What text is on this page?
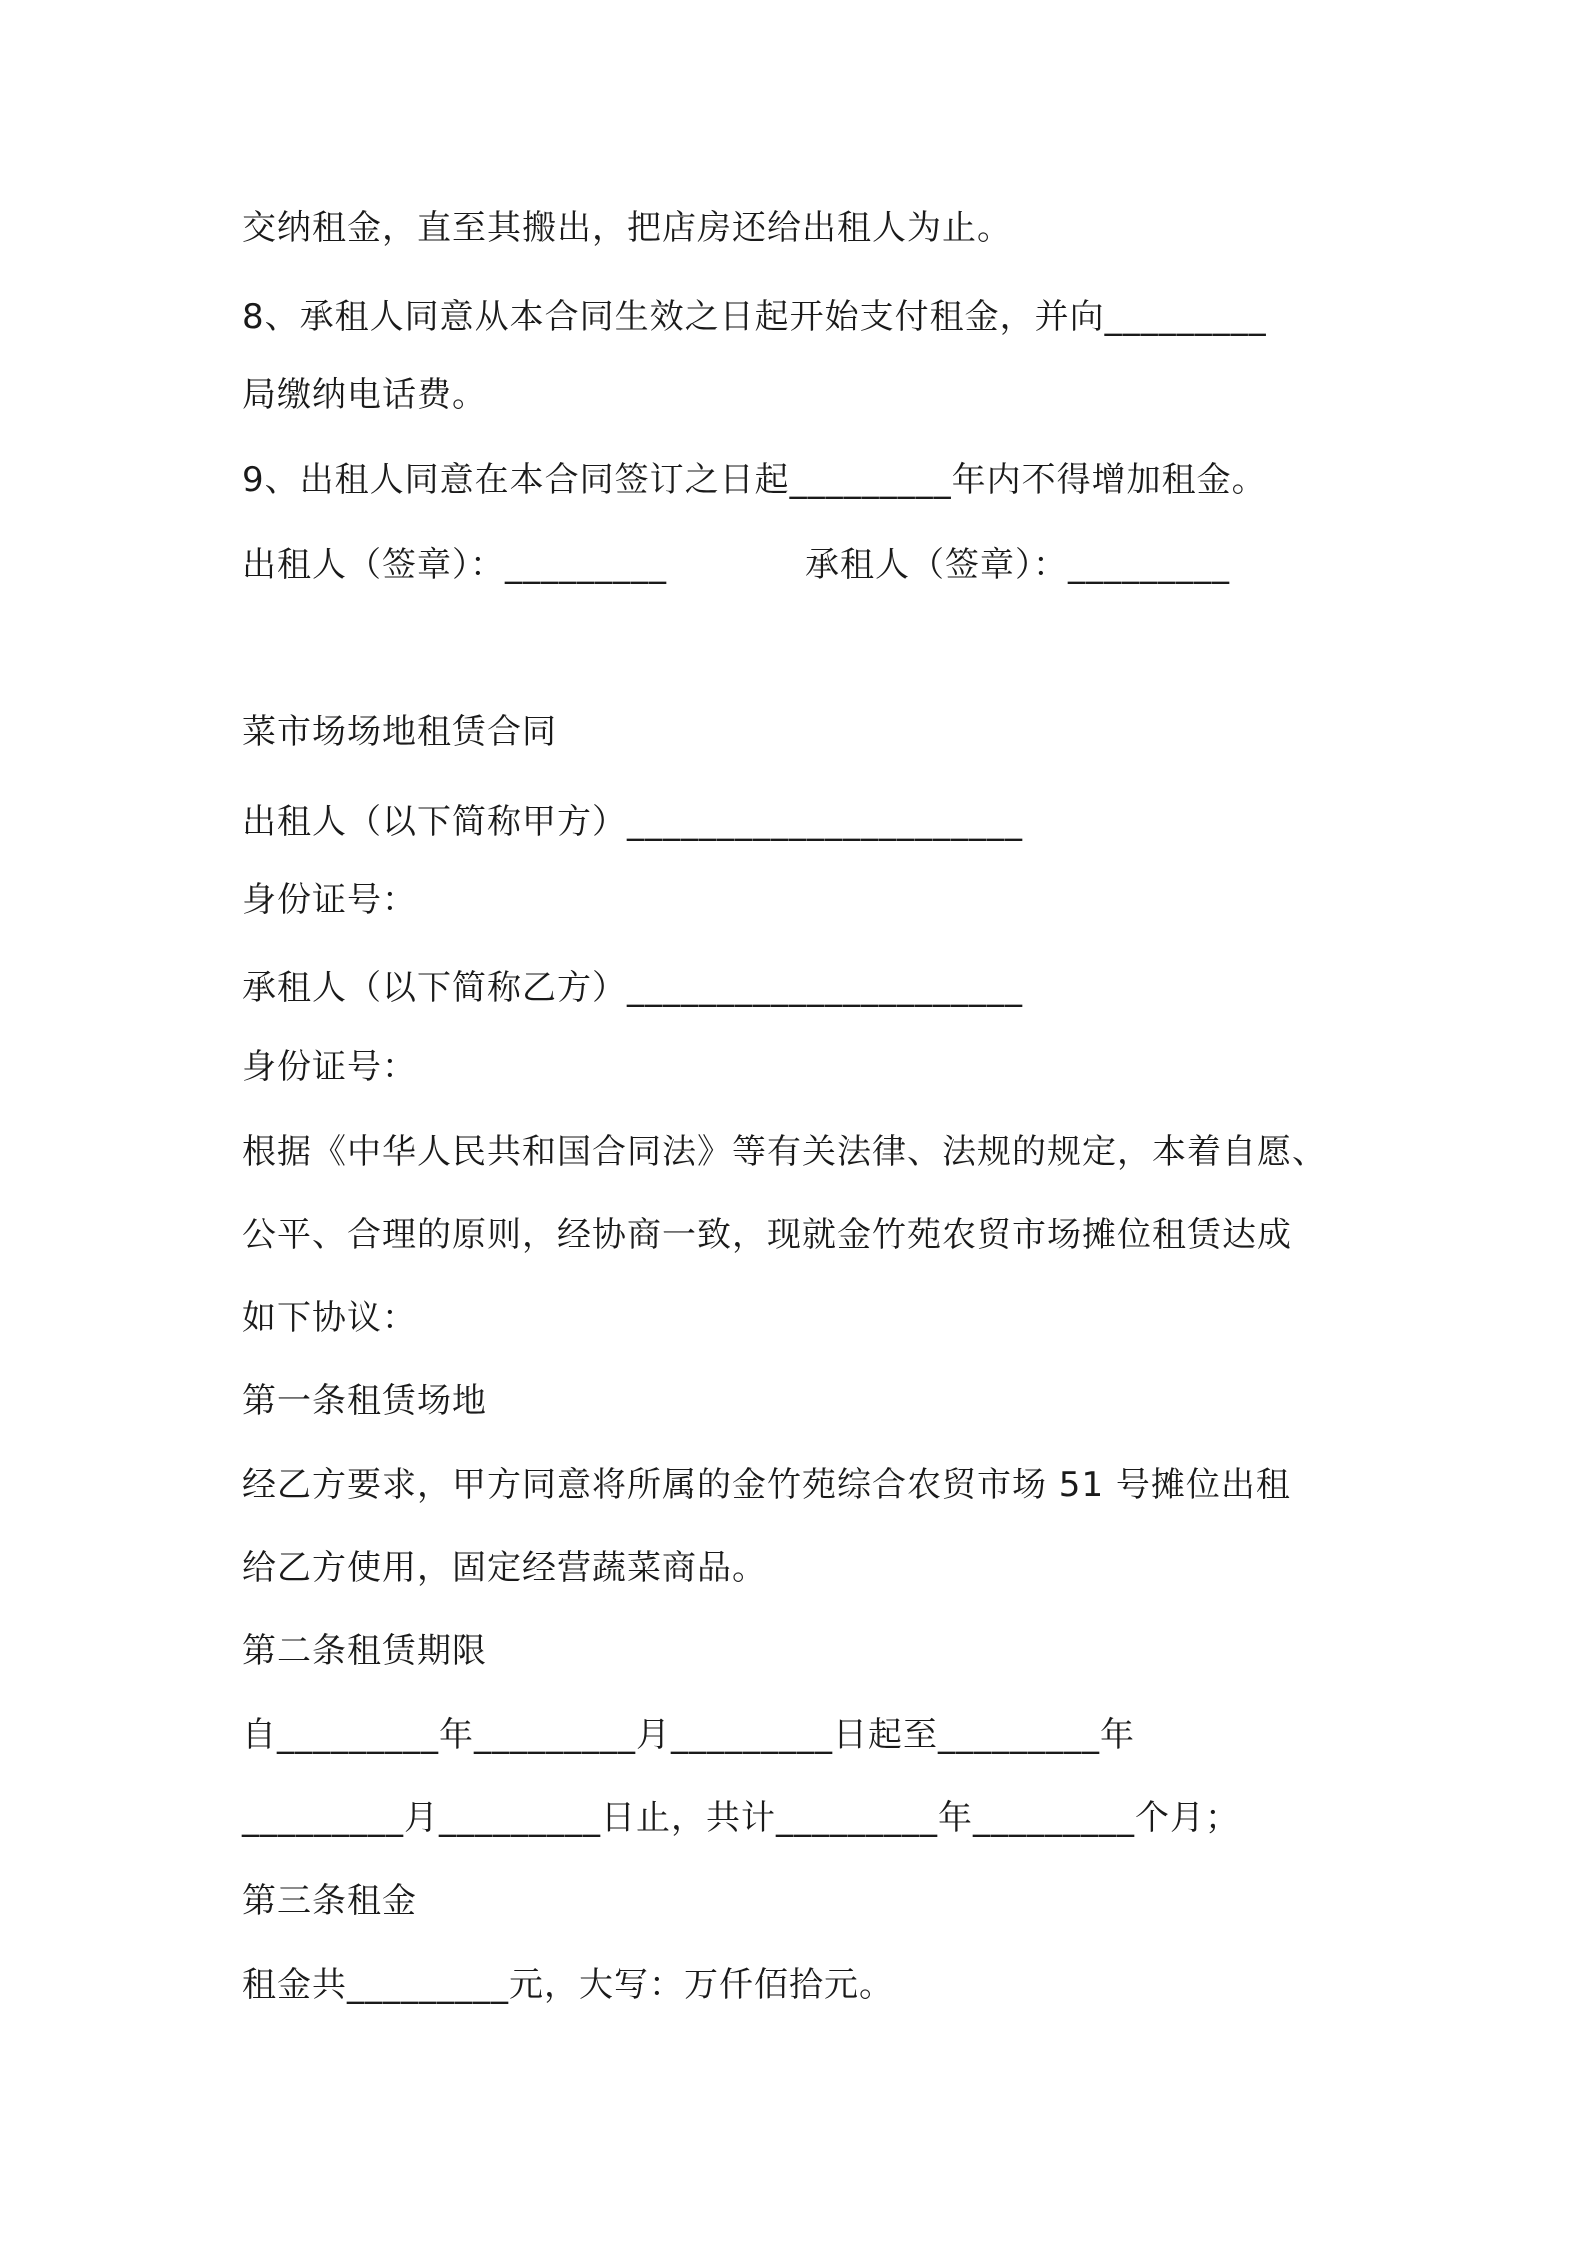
交纳租金，直至其搬出，把店房还给出租人为止。
8、承租人同意从本合同生效之日起开始支付租金，并向_________
局缴纳电话费。
9、出租人同意在本合同签订之日起_________年内不得增加租金。
出租人（签章）：_________	承租人（签章）：_________
菜市场场地租赁合同
出租人（以下简称甲方）______________________
身份证号：
承租人（以下简称乙方）______________________
身份证号：
根据《中华人民共和国合同法》等有关法律、法规的规定，本着自愿、
公平、合理的原则，经协商一致，现就金竹苑农贸市场摊位租赁达成
如下协议：
第一条租赁场地
经乙方要求，甲方同意将所属的金竹苑综合农贸市场 51 号摊位出租
给乙方使用，固定经营蔬菜商品。
第二条租赁期限
自_________年_________月_________日起至_________年
_________月_________日止，共计_________年_________个月；
第三条租金
租金共_________元，大写：万仟佰拾元。
